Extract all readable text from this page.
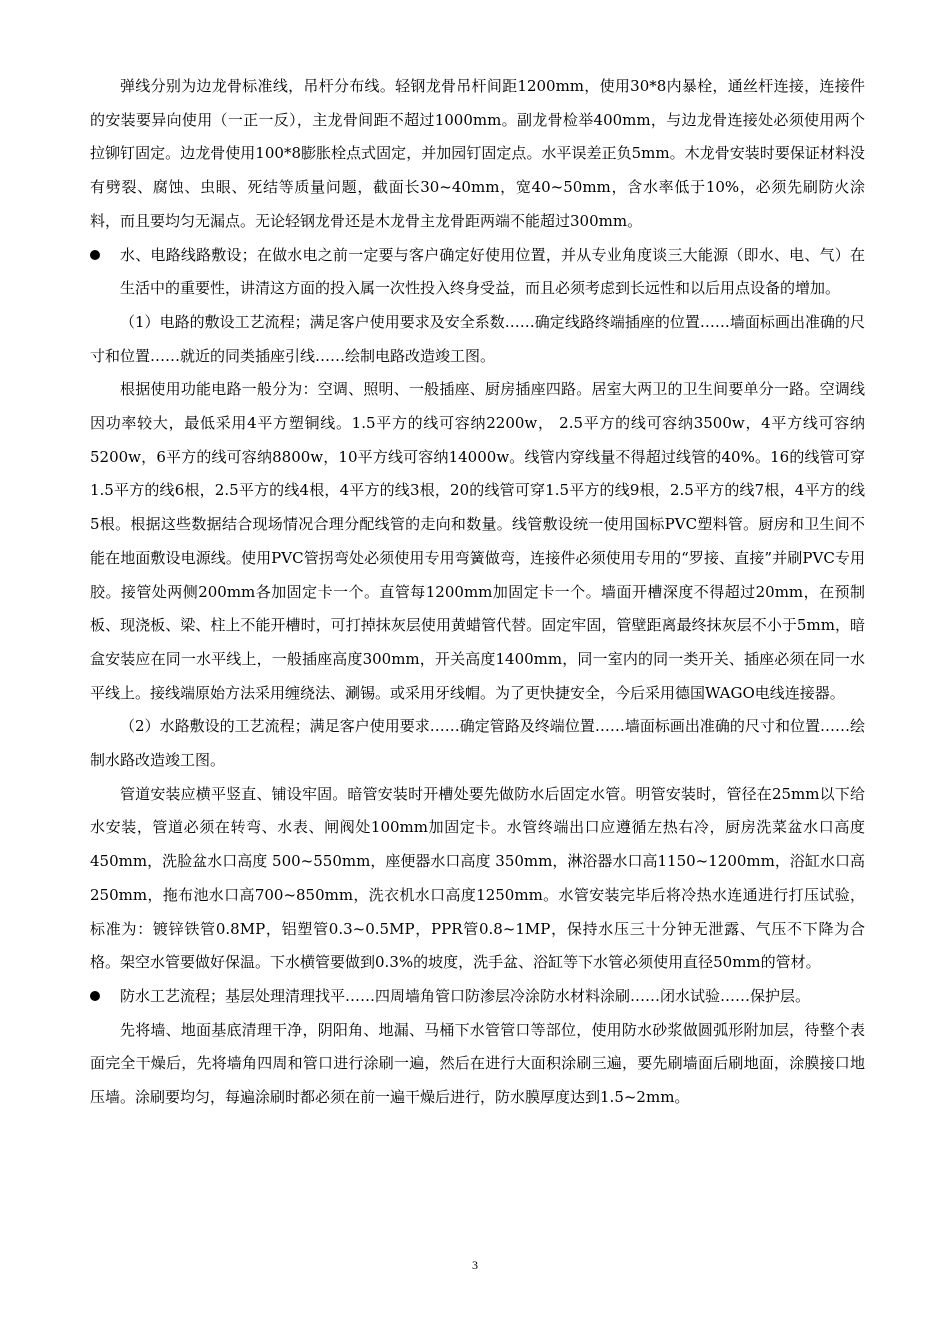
弹线分别为边龙骨标准线，吊杆分布线。轻钢龙骨吊杆间距1200mm，使用30*8内暴栓，通丝杆连接，连接件的安装要异向使用（一正一反），主龙骨间距不超过1000mm。副龙骨检举400mm，与边龙骨连接处必须使用两个拉铆钉固定。边龙骨使用100*8膨胀栓点式固定，并加园钉固定点。水平误差正负5mm。木龙骨安装时要保证材料没有劈裂、腐蚀、虫眼、死结等质量问题，截面长30~40mm，宽40~50mm，含水率低于10%，必须先刷防火涂料，而且要均匀无漏点。无论轻钢龙骨还是木龙骨主龙骨距两端不能超过300mm。

水、电路线路敷设；在做水电之前一定要与客户确定好使用位置，并从专业角度谈三大能源（即水、电、气）在生活中的重要性，讲清这方面的投入属一次性投入终身受益，而且必须考虑到长远性和以后用点设备的增加。

（1）电路的敷设工艺流程；满足客户使用要求及安全系数……确定线路终端插座的位置……墙面标画出准确的尺寸和位置……就近的同类插座引线……绘制电路改造竣工图。

根据使用功能电路一般分为：空调、照明、一般插座、厨房插座四路。居室大两卫的卫生间要单分一路。空调线因功率较大，最低采用4平方塑铜线。1.5平方的线可容纳2200w， 2.5平方的线可容纳3500w，4平方线可容纳5200w，6平方的线可容纳8800w，10平方线可容纳14000w。线管内穿线量不得超过线管的40%。16的线管可穿1.5平方的线6根，2.5平方的线4根，4平方的线3根，20的线管可穿1.5平方的线9根，2.5平方的线7根，4平方的线5根。根据这些数据结合现场情况合理分配线管的走向和数量。线管敷设统一使用国标PVC塑料管。厨房和卫生间不能在地面敷设电源线。使用PVC管拐弯处必须使用专用弯簧做弯，连接件必须使用专用的“罗接、直接”并刷PVC专用胶。接管处两侧200mm各加固定卡一个。直管每1200mm加固定卡一个。墙面开槽深度不得超过20mm，在预制板、现浇板、梁、柱上不能开槽时，可打掉抹灰层使用黄蜡管代替。固定牢固，管壁距离最终抹灰层不小于5mm，暗盒安装应在同一水平线上，一般插座高度300mm，开关高度1400mm，同一室内的同一类开关、插座必须在同一水平线上。接线端原始方法采用缠绕法、涮锡。或采用牙线帽。为了更快捷安全，今后采用德国WAGO电线连接器。

（2）水路敷设的工艺流程；满足客户使用要求……确定管路及终端位置……墙面标画出准确的尺寸和位置……绘制水路改造竣工图。

管道安装应横平竖直、铺设牢固。暗管安装时开槽处要先做防水后固定水管。明管安装时，管径在25mm以下给水安装，管道必须在转弯、水表、闸阀处100mm加固定卡。水管终端出口应遵循左热右冷，厨房洗菜盆水口高度 450mm，洗脸盆水口高度 500~550mm，座便器水口高度 350mm，淋浴器水口高1150~1200mm，浴缸水口高250mm，拖布池水口高700~850mm，洗衣机水口高度1250mm。水管安装完毕后将冷热水连通进行打压试验，标准为：镀锌铁管0.8MP，铝塑管0.3~0.5MP，PPR管0.8~1MP，保持水压三十分钟无泄露、气压不下降为合格。架空水管要做好保温。下水横管要做到0.3%的坡度，洗手盆、浴缸等下水管必须使用直径50mm的管材。

防水工艺流程；基层处理清理找平……四周墙角管口防渗层冷涂防水材料涂刷……闭水试验……保护层。

先将墙、地面基底清理干净，阴阳角、地漏、马桶下水管管口等部位，使用防水砂浆做圆弧形附加层，待整个表面完全干燥后，先将墙角四周和管口进行涂刷一遍，然后在进行大面积涂刷三遍，要先刷墙面后刷地面，涂膜接口地压墙。涂刷要均匀，每遍涂刷时都必须在前一遍干燥后进行，防水膜厚度达到1.5~2mm。

3
